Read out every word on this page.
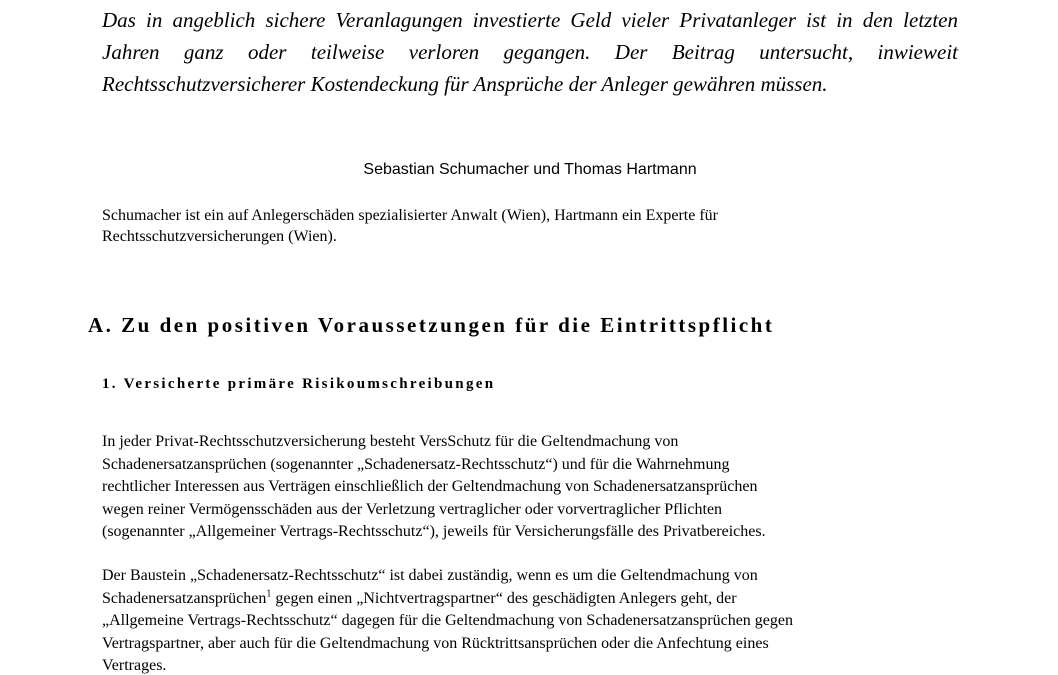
Das in angeblich sichere Veranlagungen investierte Geld vieler Privatanleger ist in den letzten Jahren ganz oder teilweise verloren gegangen. Der Beitrag untersucht, inwieweit Rechtsschutzversicherer Kostendeckung für Ansprüche der Anleger gewähren müssen.

Sebastian Schumacher und Thomas Hartmann
Schumacher ist ein auf Anlegerschäden spezialisierter Anwalt (Wien), Hartmann ein Experte für Rechtsschutzversicherungen (Wien).
A. Zu den positiven Voraussetzungen für die Eintrittspflicht
1. Versicherte primäre Risikoumschreibungen
In jeder Privat-Rechtsschutzversicherung besteht VersSchutz für die Geltendmachung von
Schadenersatzansprüchen (sogenannter „Schadenersatz-Rechtsschutz“) und für die Wahrnehmung
rechtlicher Interessen aus Verträgen einschließlich der Geltendmachung von Schadenersatzansprüchen
wegen reiner Vermögensschäden aus der Verletzung vertraglicher oder vorvertraglicher Pflichten
(sogenannter „Allgemeiner Vertrags-Rechtsschutz“), jeweils für Versicherungsfälle des Privatbereiches.
Der Baustein „Schadenersatz-Rechtsschutz“ ist dabei zuständig, wenn es um die Geltendmachung von
Schadenersatzansprüchen$^1$ gegen einen „Nichtvertragspartner“ des geschädigten Anlegers geht, der
„Allgemeine Vertrags-Rechtsschutz“ dagegen für die Geltendmachung von Schadenersatzansprüchen gegen
Vertragspartner, aber auch für die Geltendmachung von Rücktrittsansprüchen oder die Anfechtung eines
Vertrages.
